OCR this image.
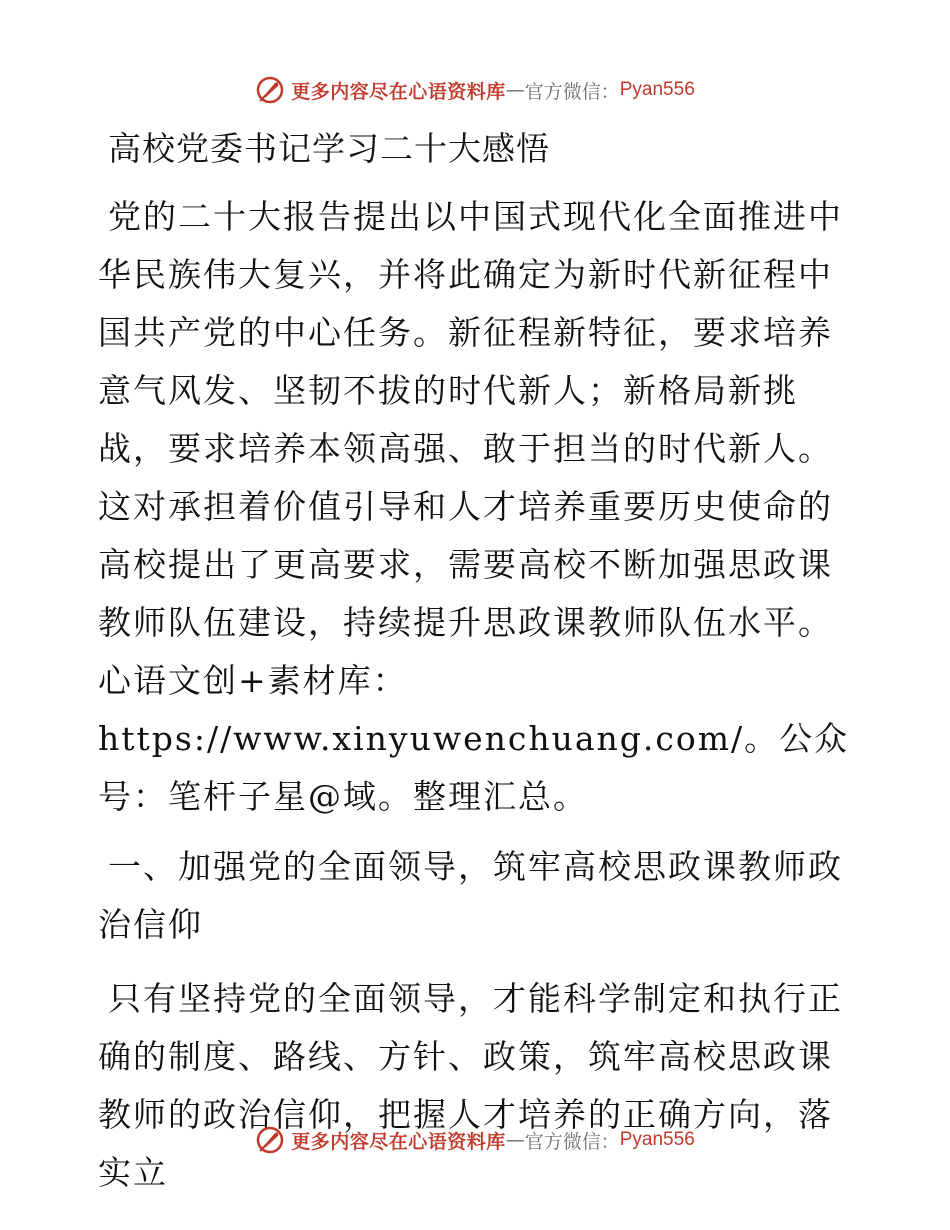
更多内容尽在心语资料库 — 官方微信： Pyan556
高校党委书记学习二十大感悟

党的二十大报告提出以中国式现代化全面推进中华民族伟大复兴，并将此确定为新时代新征程中国共产党的中心任务。新征程新特征，要求培养意气风发、坚韧不拔的时代新人；新格局新挑战，要求培养本领高强、敢于担当的时代新人。这对承担着价值引导和人才培养重要历史使命的高校提出了更高要求，需要高校不断加强思政课教师队伍建设，持续提升思政课教师队伍水平。心语文创+素材库：https://www.xinyuwenchuang.com/。公众号：笔杆子星@域。整理汇总。

一、加强党的全面领导，筑牢高校思政课教师政治信仰

只有坚持党的全面领导，才能科学制定和执行正确的制度、路线、方针、政策，筑牢高校思政课教师的政治信仰，把握人才培养的正确方向，落实立

更多内容尽在心语资料库 — 官方微信： Pyan556
